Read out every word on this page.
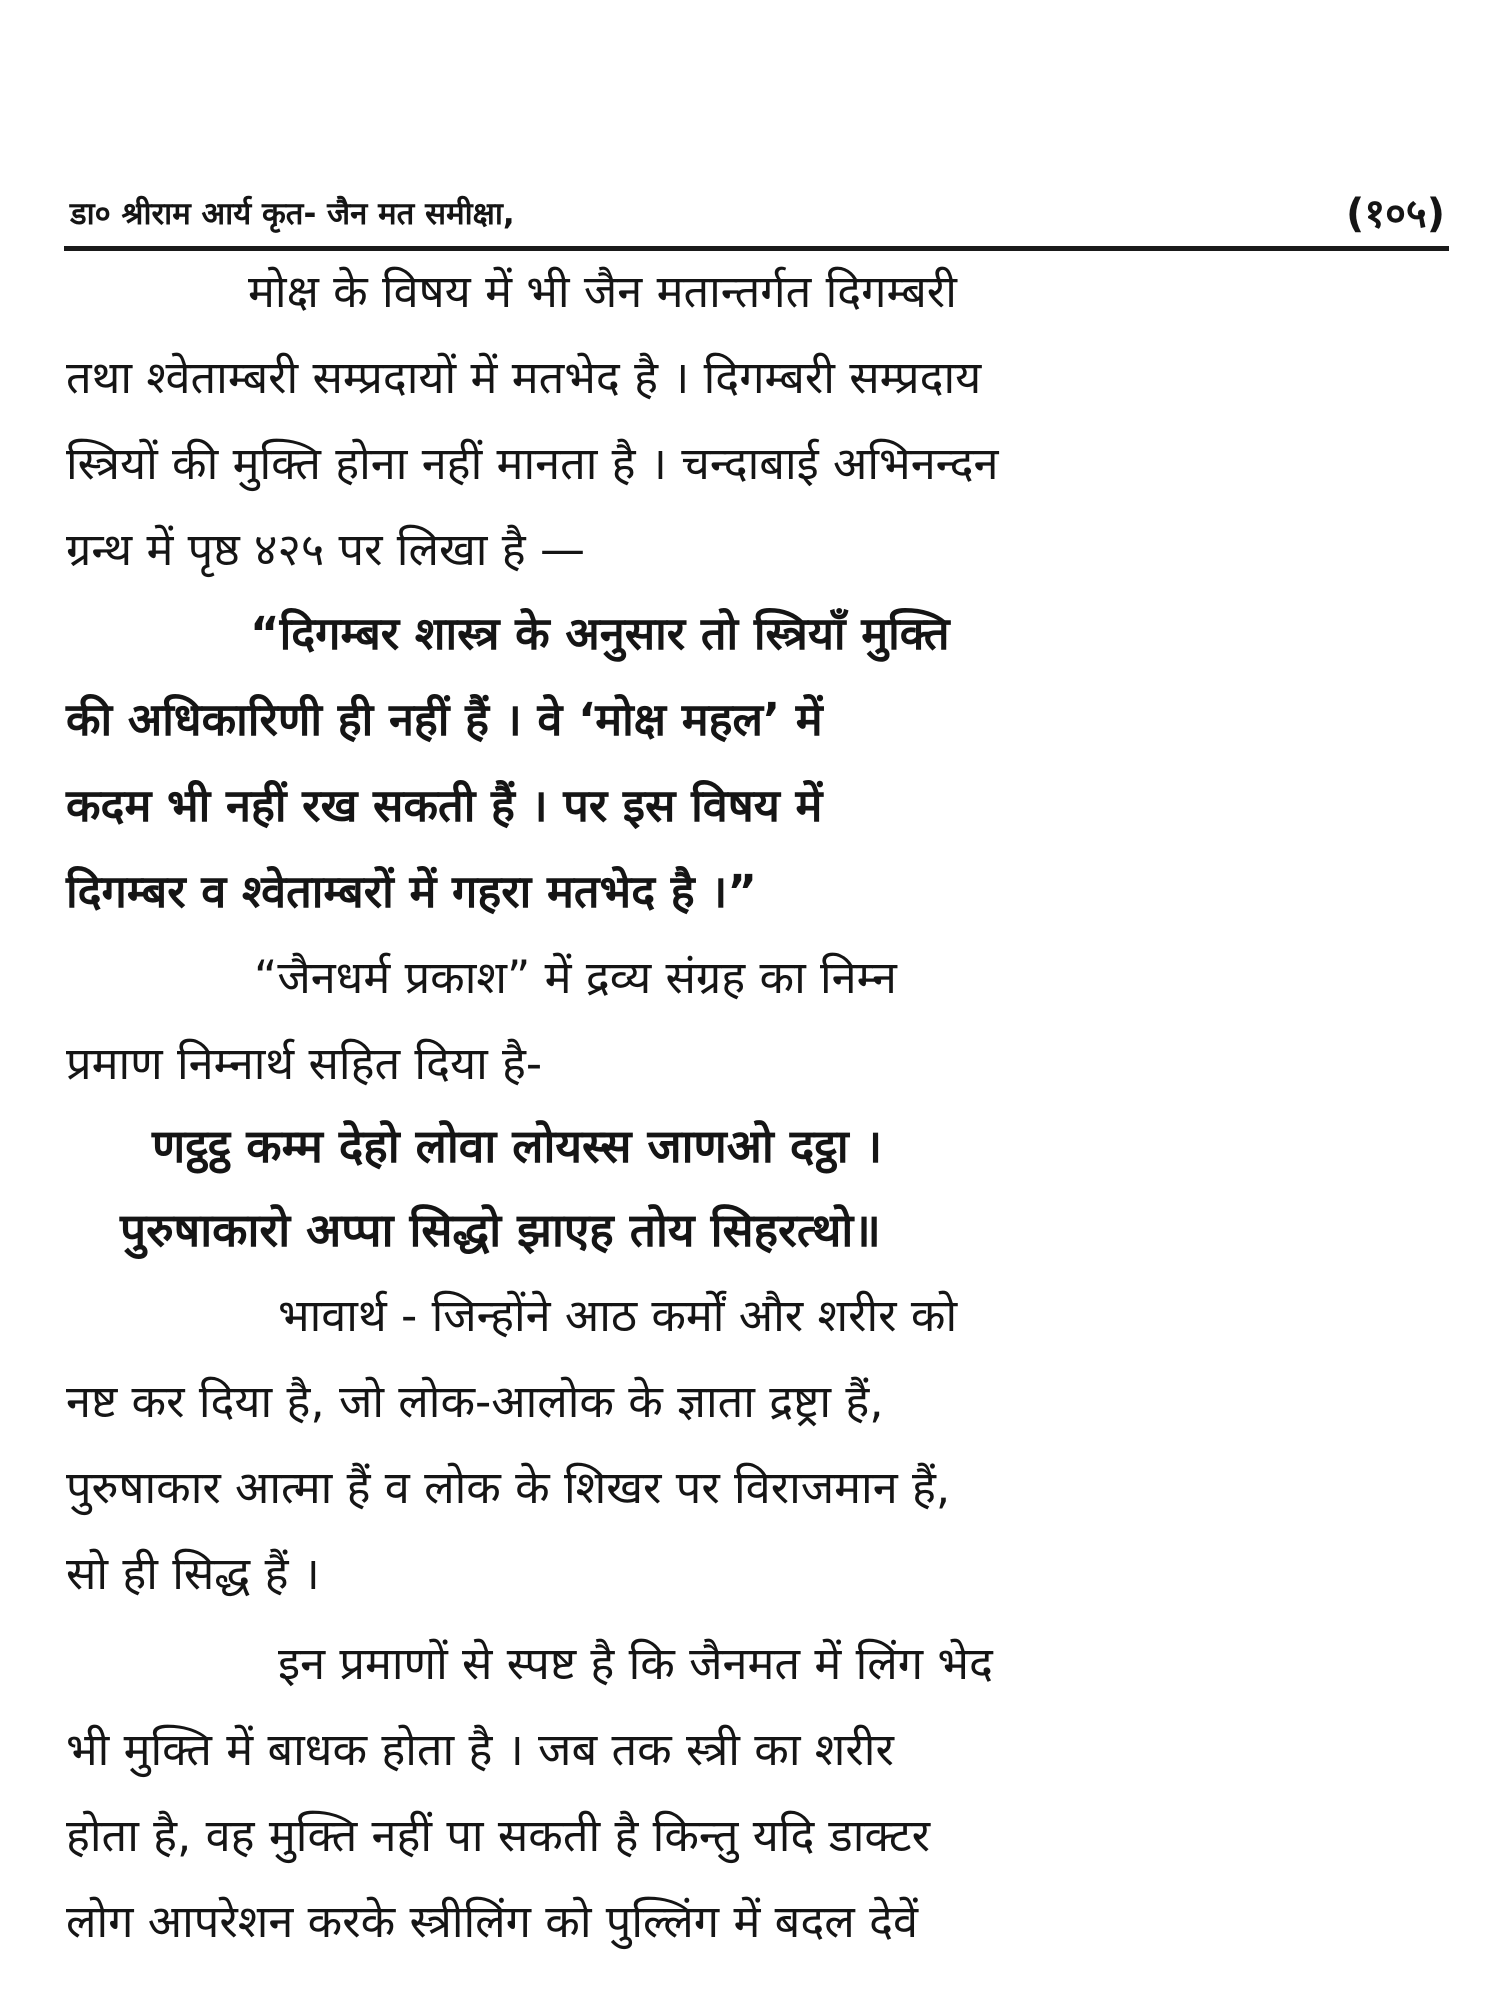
डा० श्रीराम आर्य कृत- जैन मत समीक्षा,	(१०५)
मोक्ष के विषय में भी जैन मतान्तर्गत दिगम्बरी
तथा श्वेताम्बरी सम्प्रदायों में मतभेद है । दिगम्बरी सम्प्रदाय
स्त्रियों की मुक्ति होना नहीं मानता है । चन्दाबाई अभिनन्दन
ग्रन्थ में पृष्ठ ४२५ पर लिखा है —
“दिगम्बर शास्त्र के अनुसार तो स्त्रियाँ मुक्ति
की अधिकारिणी ही नहीं हैं । वे ‘मोक्ष महल’ में
कदम भी नहीं रख सकती हैं । पर इस विषय में
दिगम्बर व श्वेताम्बरों में गहरा मतभेद है ।”
“जैनधर्म प्रकाश” में द्रव्य संग्रह का निम्न
प्रमाण निम्नार्थ सहित दिया है-
णट्ठट्ठ कम्म देहो लोवा लोयस्स जाणओ दट्ठा ।
पुरुषाकारो अप्पा सिद्धो झाएह तोय सिहरत्थो॥
भावार्थ - जिन्होंने आठ कर्मों और शरीर को
नष्ट कर दिया है, जो लोक-आलोक के ज्ञाता द्रष्ट्रा हैं,
पुरुषाकार आत्मा हैं व लोक के शिखर पर विराजमान हैं,
सो ही सिद्ध हैं ।
इन प्रमाणों से स्पष्ट है कि जैनमत में लिंग भेद
भी मुक्ति में बाधक होता है । जब तक स्त्री का शरीर
होता है, वह मुक्ति नहीं पा सकती है किन्तु यदि डाक्टर
लोग आपरेशन करके स्त्रीलिंग को पुल्लिंग में बदल देवें
